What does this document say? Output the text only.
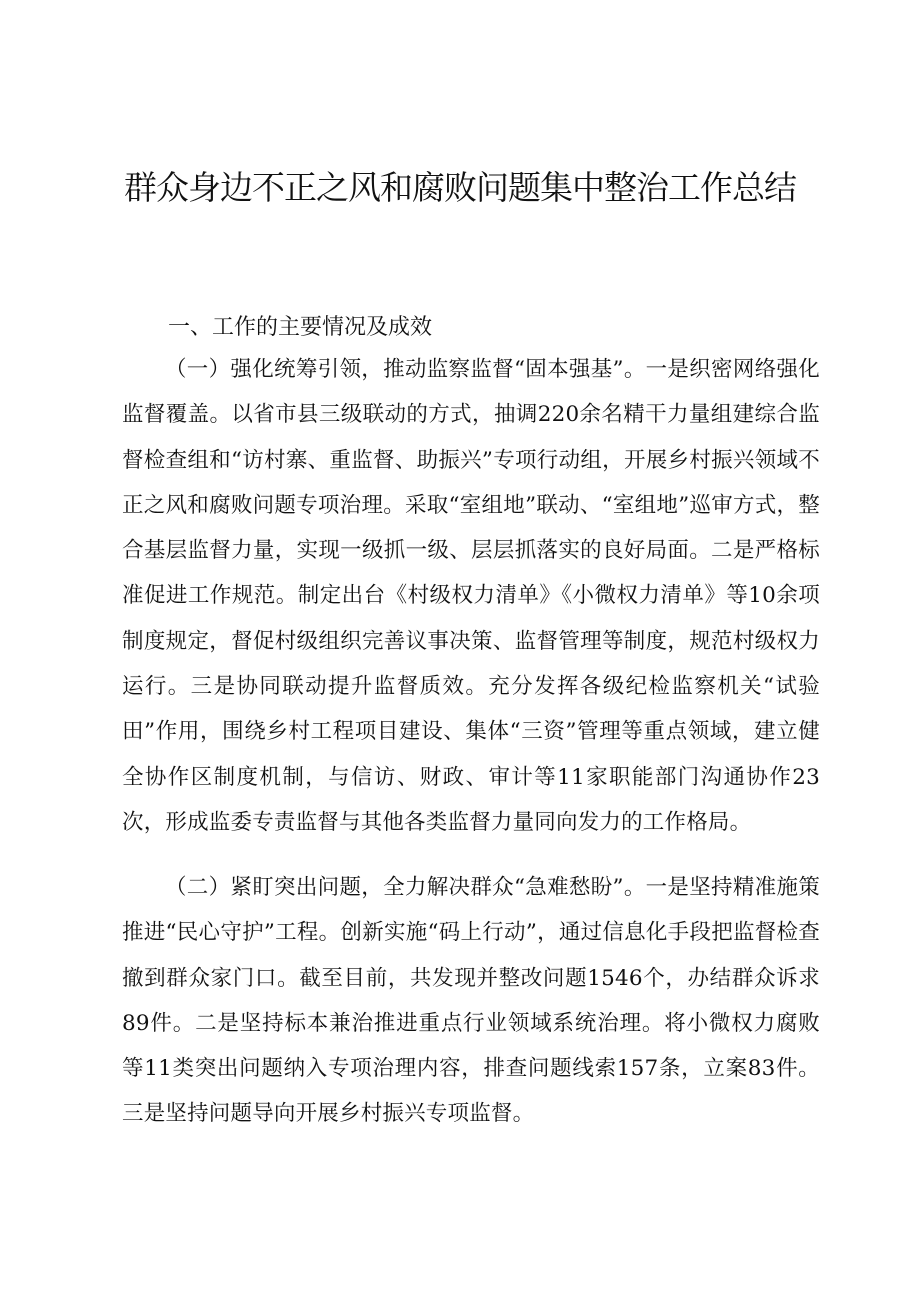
群众身边不正之风和腐败问题集中整治工作总结
一、工作的主要情况及成效

（一）强化统筹引领，推动监察监督“固本强基”。一是织密网络强化监督覆盖。以省市县三级联动的方式，抽调220余名精干力量组建综合监督检查组和“访村寨、重监督、助振兴”专项行动组，开展乡村振兴领域不正之风和腐败问题专项治理。采取“室组地”联动、“室组地”巡审方式，整合基层监督力量，实现一级抓一级、层层抓落实的良好局面。二是严格标准促进工作规范。制定出台《村级权力清单》《小微权力清单》等10余项制度规定，督促村级组织完善议事决策、监督管理等制度，规范村级权力运行。三是协同联动提升监督质效。充分发挥各级纪检监察机关“试验田”作用，围绕乡村工程项目建设、集体“三资”管理等重点领域，建立健全协作区制度机制，与信访、财政、审计等11家职能部门沟通协作23次，形成监委专责监督与其他各类监督力量同向发力的工作格局。

（二）紧盯突出问题，全力解决群众“急难愁盼”。一是坚持精准施策推进“民心守护”工程。创新实施“码上行动”，通过信息化手段把监督检查撤到群众家门口。截至目前，共发现并整改问题1546个，办结群众诉求89件。二是坚持标本兼治推进重点行业领域系统治理。将小微权力腐败等11类突出问题纳入专项治理内容，排查问题线索157条，立案83件。三是坚持问题导向开展乡村振兴专项监督。
